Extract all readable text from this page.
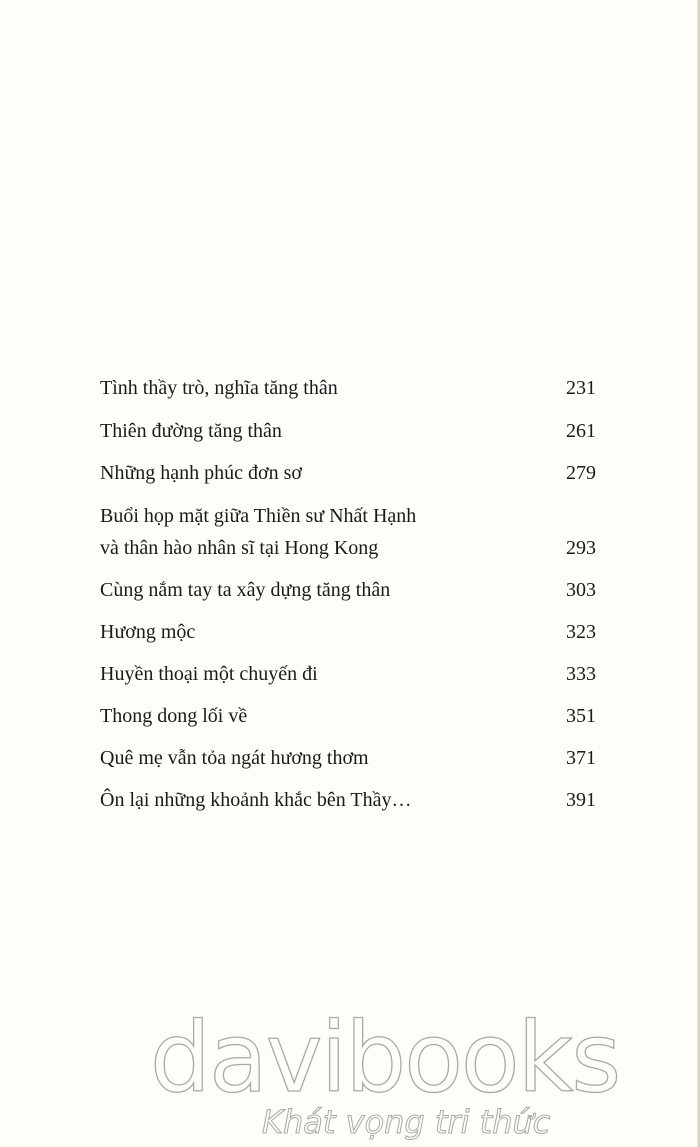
Tình thầy trò, nghĩa tăng thân	231
Thiên đường tăng thân	261
Những hạnh phúc đơn sơ	279
Buổi họp mặt giữa Thiền sư Nhất Hạnh
và thân hào nhân sĩ tại Hong Kong	293
Cùng nắm tay ta xây dựng tăng thân	303
Hương mộc	323
Huyền thoại một chuyến đi	333
Thong dong lối về	351
Quê mẹ vẫn tỏa ngát hương thơm	371
Ôn lại những khoảnh khắc bên Thầy…	391
davibooks
Khát vọng tri thức
